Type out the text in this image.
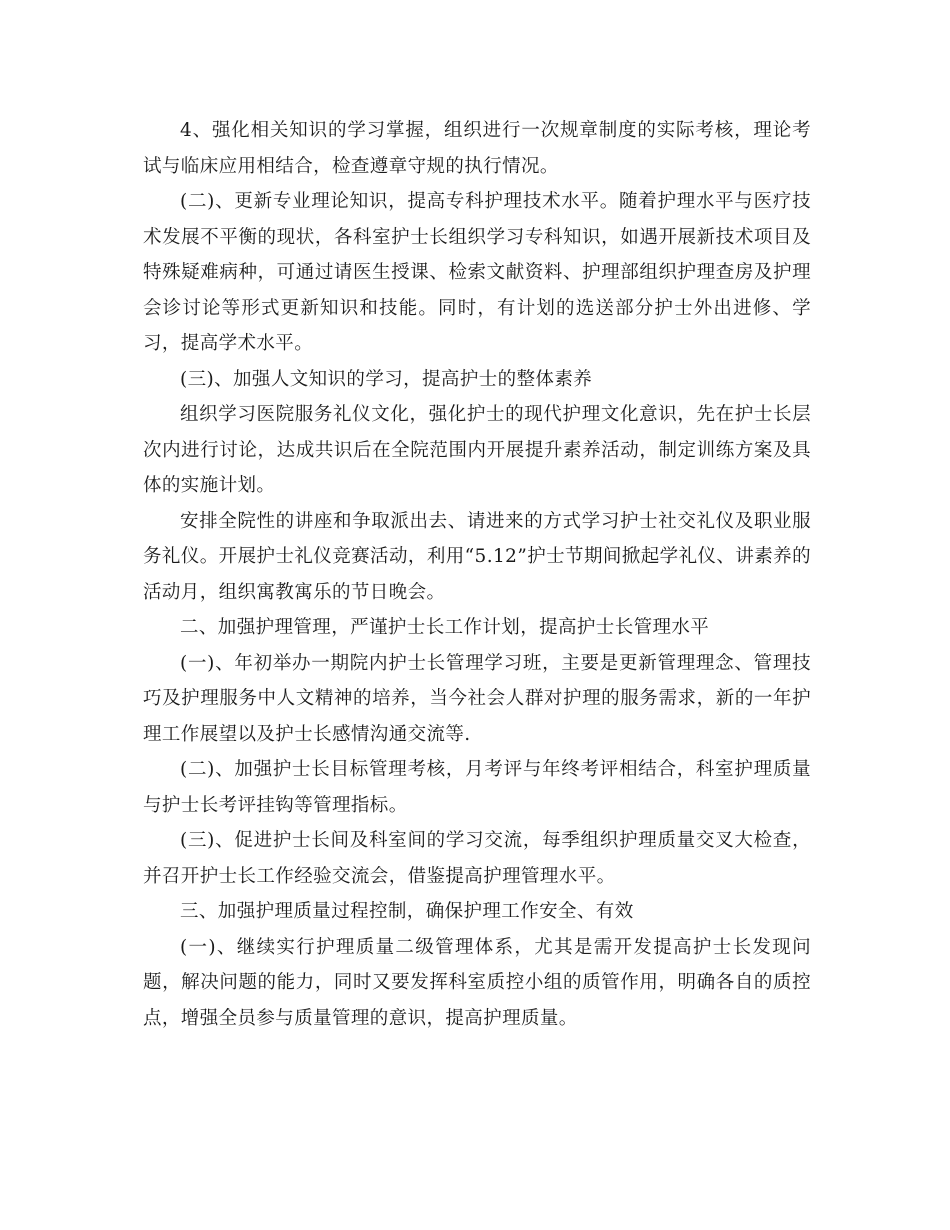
4、强化相关知识的学习掌握，组织进行一次规章制度的实际考核，理论考试与临床应用相结合，检查遵章守规的执行情况。

(二)、更新专业理论知识，提高专科护理技术水平。随着护理水平与医疗技术发展不平衡的现状，各科室护士长组织学习专科知识，如遇开展新技术项目及特殊疑难病种，可通过请医生授课、检索文献资料、护理部组织护理查房及护理会诊讨论等形式更新知识和技能。同时，有计划的选送部分护士外出进修、学习，提高学术水平。

(三)、加强人文知识的学习，提高护士的整体素养

组织学习医院服务礼仪文化，强化护士的现代护理文化意识，先在护士长层次内进行讨论，达成共识后在全院范围内开展提升素养活动，制定训练方案及具体的实施计划。

安排全院性的讲座和争取派出去、请进来的方式学习护士社交礼仪及职业服务礼仪。开展护士礼仪竞赛活动，利用“5.12”护士节期间掀起学礼仪、讲素养的活动月，组织寓教寓乐的节日晚会。

二、加强护理管理，严谨护士长工作计划，提高护士长管理水平

(一)、年初举办一期院内护士长管理学习班，主要是更新管理理念、管理技巧及护理服务中人文精神的培养，当今社会人群对护理的服务需求，新的一年护理工作展望以及护士长感情沟通交流等.

(二)、加强护士长目标管理考核，月考评与年终考评相结合，科室护理质量与护士长考评挂钩等管理指标。

(三)、促进护士长间及科室间的学习交流，每季组织护理质量交叉大检查，并召开护士长工作经验交流会，借鉴提高护理管理水平。

三、加强护理质量过程控制，确保护理工作安全、有效

(一)、继续实行护理质量二级管理体系，尤其是需开发提高护士长发现问题，解决问题的能力，同时又要发挥科室质控小组的质管作用，明确各自的质控点，增强全员参与质量管理的意识，提高护理质量。
